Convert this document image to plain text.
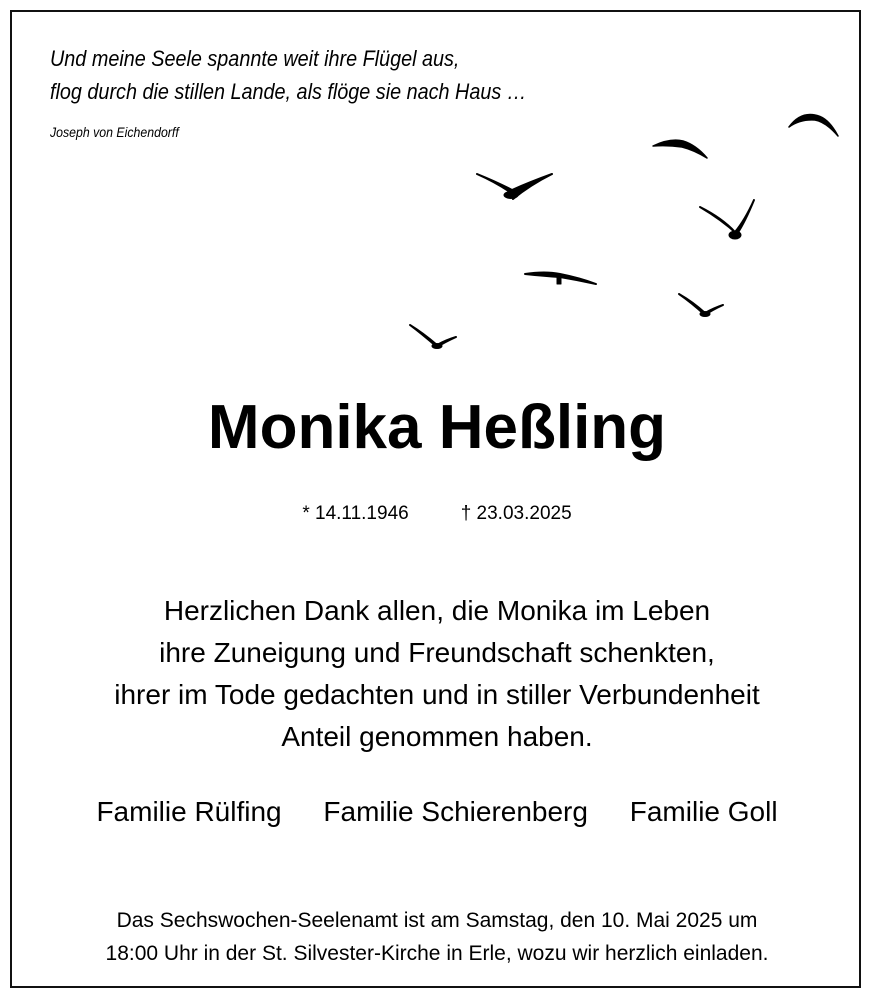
Und meine Seele spannte weit ihre Flügel aus,
flog durch die stillen Lande, als flöge sie nach Haus …
Joseph von Eichendorff
Monika Heßling
* 14.11.1946	† 23.03.2025
Herzlichen Dank allen, die Monika im Leben
ihre Zuneigung und Freundschaft schenkten,
ihrer im Tode gedachten und in stiller Verbundenheit
Anteil genommen haben.
Familie Rülfing Familie Schierenberg Familie Goll
Das Sechswochen-Seelenamt ist am Samstag, den 10. Mai 2025 um
18:00 Uhr in der St. Silvester-Kirche in Erle, wozu wir herzlich einladen.
